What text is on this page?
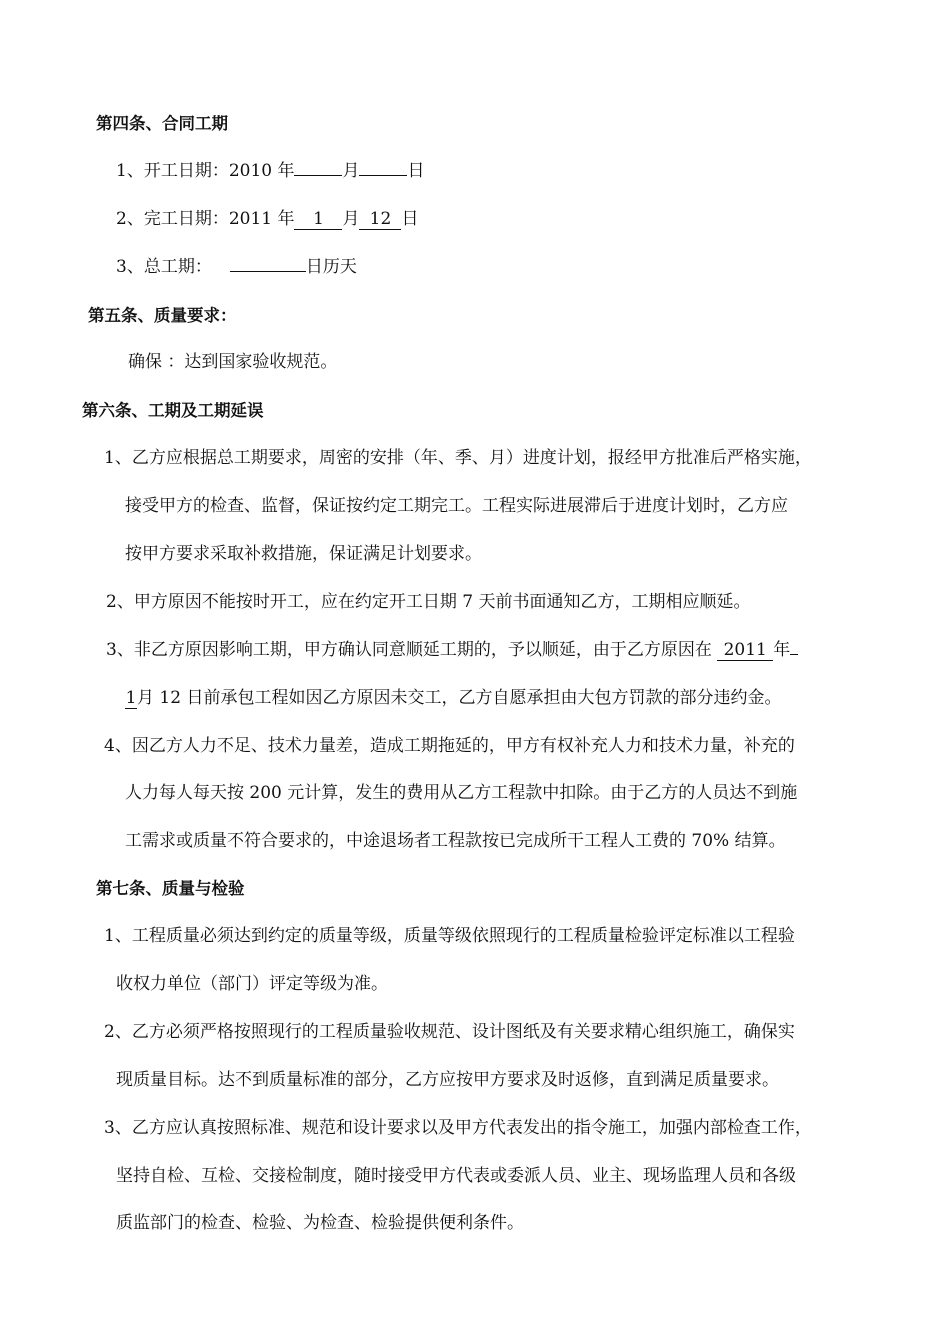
第四条、合同工期
1、开工日期：2010 年	月	日
2、完工日期：2011 年 1 月 12 日
3、总工期：	日历天
第五条、质量要求：
确保 ：达到国家验收规范。
第六条、工期及工期延误
1、乙方应根据总工期要求，周密的安排（年、季、月）进度计划，报经甲方批准后严格实施，
接受甲方的检查、监督，保证按约定工期完工。工程实际进展滞后于进度计划时，乙方应
按甲方要求采取补救措施，保证满足计划要求。
2、甲方原因不能按时开工，应在约定开工日期 7 天前书面通知乙方，工期相应顺延。
3、非乙方原因影响工期，甲方确认同意顺延工期的，予以顺延，由于乙方原因在 2011 年
1月 12 日前承包工程如因乙方原因未交工，乙方自愿承担由大包方罚款的部分违约金。
4、因乙方人力不足、技术力量差，造成工期拖延的，甲方有权补充人力和技术力量，补充的
人力每人每天按 200 元计算，发生的费用从乙方工程款中扣除。由于乙方的人员达不到施
工需求或质量不符合要求的，中途退场者工程款按已完成所干工程人工费的 70% 结算。
第七条、质量与检验
1、工程质量必须达到约定的质量等级，质量等级依照现行的工程质量检验评定标准以工程验
收权力单位（部门）评定等级为准。
2、乙方必须严格按照现行的工程质量验收规范、设计图纸及有关要求精心组织施工，确保实
现质量目标。达不到质量标准的部分，乙方应按甲方要求及时返修，直到满足质量要求。
3、乙方应认真按照标准、规范和设计要求以及甲方代表发出的指令施工，加强内部检查工作，
坚持自检、互检、交接检制度，随时接受甲方代表或委派人员、业主、现场监理人员和各级
质监部门的检查、检验、为检查、检验提供便利条件。
